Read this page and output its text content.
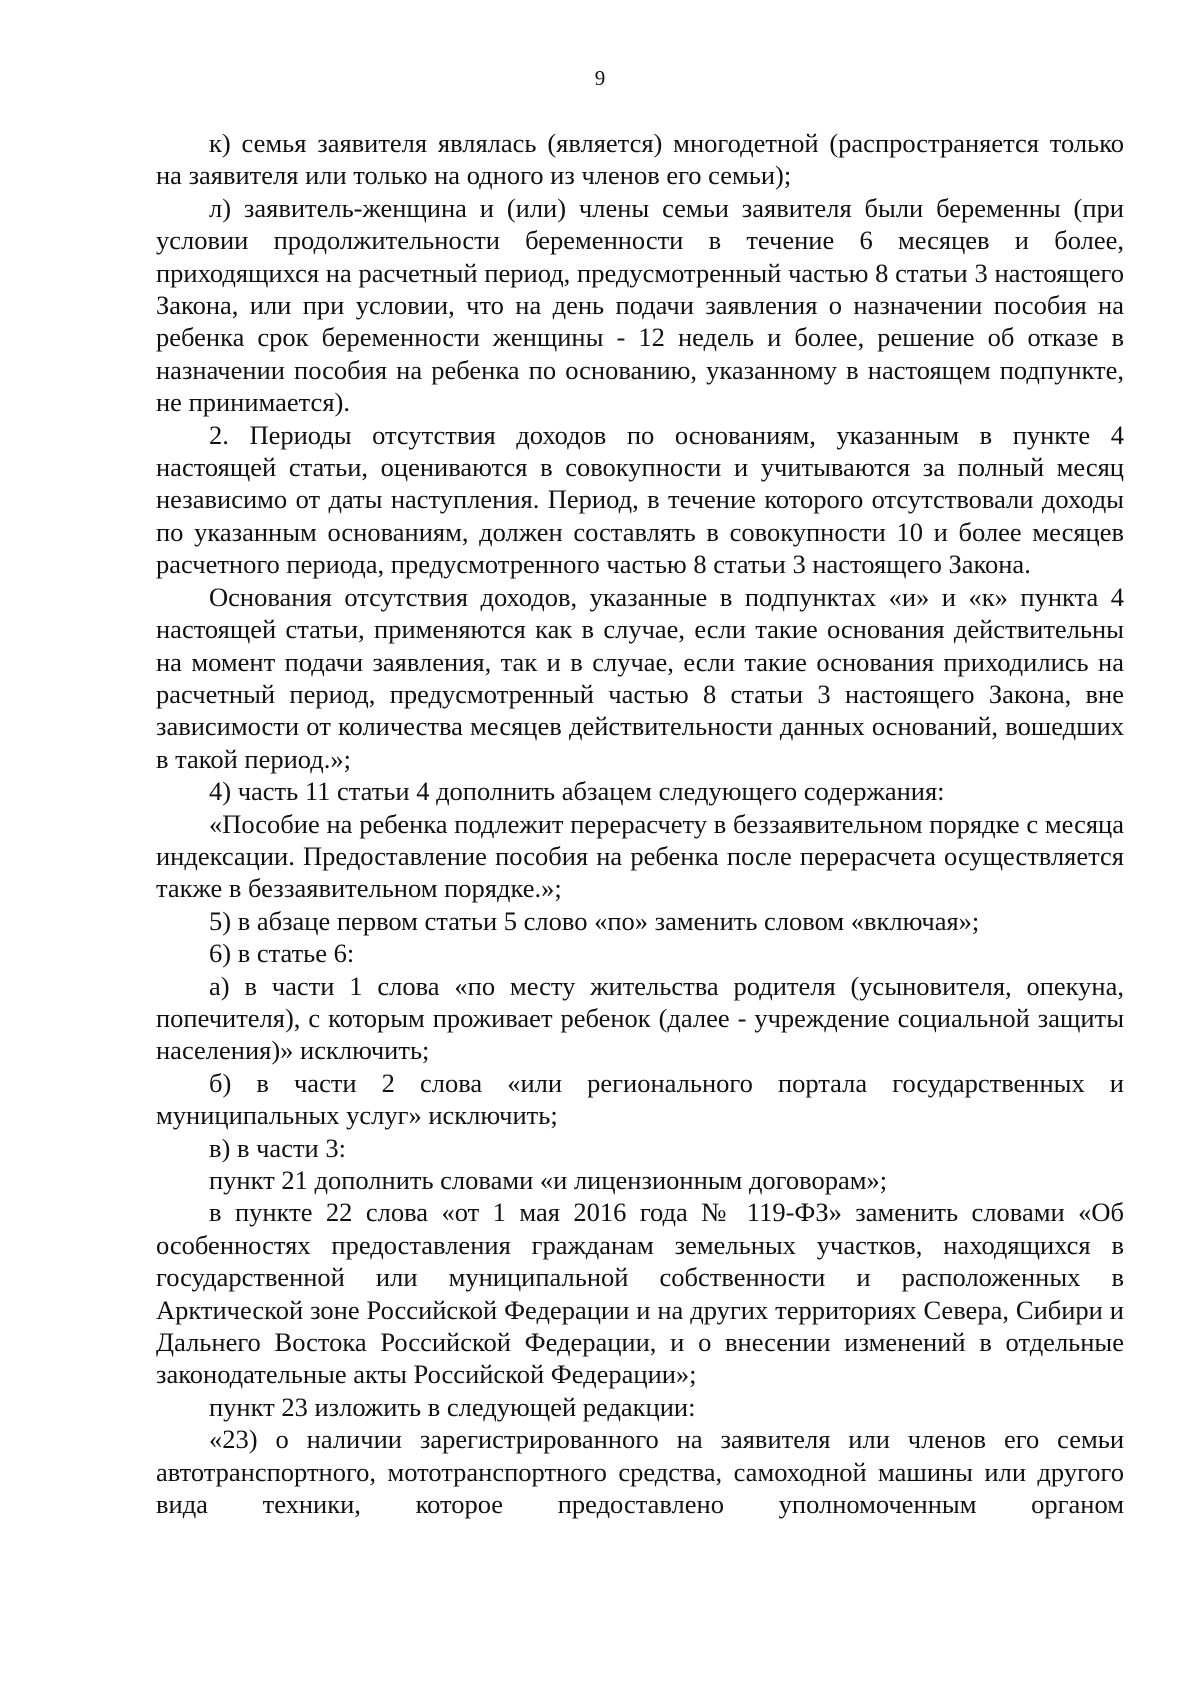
9

к) семья заявителя являлась (является) многодетной (распространяется только на заявителя или только на одного из членов его семьи);

л) заявитель-женщина и (или) члены семьи заявителя были беременны (при условии продолжительности беременности в течение 6 месяцев и более, приходящихся на расчетный период, предусмотренный частью 8 статьи 3 настоящего Закона, или при условии, что на день подачи заявления о назначении пособия на ребенка срок беременности женщины - 12 недель и более, решение об отказе в назначении пособия на ребенка по основанию, указанному в настоящем подпункте, не принимается).

2. Периоды отсутствия доходов по основаниям, указанным в пункте 4 настоящей статьи, оцениваются в совокупности и учитываются за полный месяц независимо от даты наступления. Период, в течение которого отсутствовали доходы по указанным основаниям, должен составлять в совокупности 10 и более месяцев расчетного периода, предусмотренного частью 8 статьи 3 настоящего Закона.

Основания отсутствия доходов, указанные в подпунктах «и» и «к» пункта 4 настоящей статьи, применяются как в случае, если такие основания действительны на момент подачи заявления, так и в случае, если такие основания приходились на расчетный период, предусмотренный частью 8 статьи 3 настоящего Закона, вне зависимости от количества месяцев действительности данных оснований, вошедших в такой период.»;

4) часть 11 статьи 4 дополнить абзацем следующего содержания:

«Пособие на ребенка подлежит перерасчету в беззаявительном порядке с месяца индексации. Предоставление пособия на ребенка после перерасчета осуществляется также в беззаявительном порядке.»;

5) в абзаце первом статьи 5 слово «по» заменить словом «включая»;

6) в статье 6:

а) в части 1 слова «по месту жительства родителя (усыновителя, опекуна, попечителя), с которым проживает ребенок (далее - учреждение социальной защиты населения)» исключить;

б) в части 2 слова «или регионального портала государственных и муниципальных услуг» исключить;

в) в части 3:

пункт 21 дополнить словами «и лицензионным договорам»;

в пункте 22 слова «от 1 мая 2016 года № 119-ФЗ» заменить словами «Об особенностях предоставления гражданам земельных участков, находящихся в государственной или муниципальной собственности и расположенных в Арктической зоне Российской Федерации и на других территориях Севера, Сибири и Дальнего Востока Российской Федерации, и о внесении изменений в отдельные законодательные акты Российской Федерации»;

пункт 23 изложить в следующей редакции:

«23) о наличии зарегистрированного на заявителя или членов его семьи автотранспортного, мототранспортного средства, самоходной машины или другого вида техники, которое предоставлено уполномоченным органом
